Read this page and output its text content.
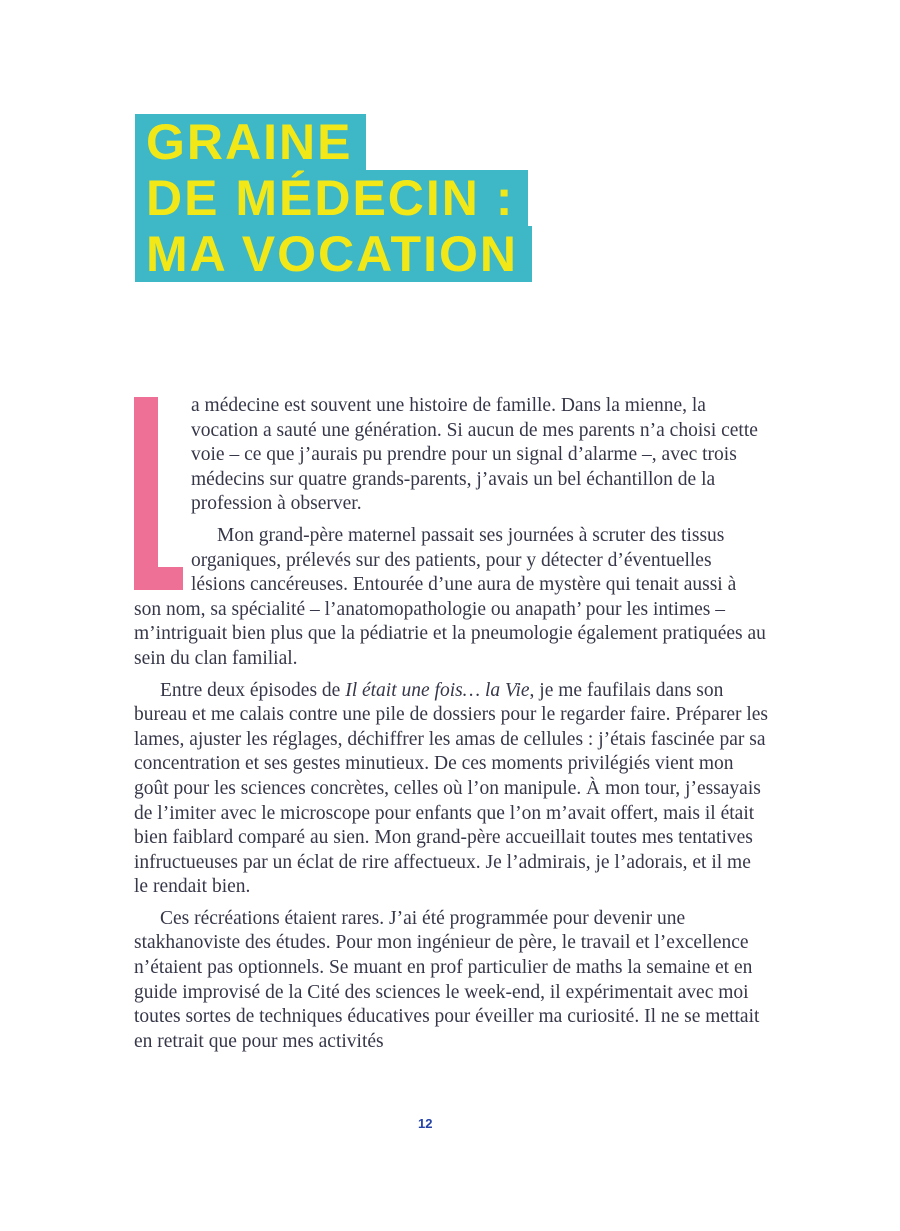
GRAINE
DE MÉDECIN :
MA VOCATION

a médecine est souvent une histoire de famille. Dans la mienne, la vocation a sauté une génération. Si aucun de mes parents n’a choisi cette voie – ce que j’aurais pu prendre pour un signal d’alarme –, avec trois médecins sur quatre grands-parents, j’avais un bel échantillon de la profession à observer.

Mon grand-père maternel passait ses journées à scruter des tissus organiques, prélevés sur des patients, pour y détecter d’éventuelles lésions cancéreuses. Entourée d’une aura de mystère qui tenait aussi à son nom, sa spécialité – l’anatomopathologie ou anapath’ pour les intimes – m’intriguait bien plus que la pédiatrie et la pneumologie également pratiquées au sein du clan familial.

Entre deux épisodes de Il était une fois… la Vie, je me faufilais dans son bureau et me calais contre une pile de dossiers pour le regarder faire. Préparer les lames, ajuster les réglages, déchiffrer les amas de cellules : j’étais fascinée par sa concentration et ses gestes minutieux. De ces moments privilégiés vient mon goût pour les sciences concrètes, celles où l’on manipule. À mon tour, j’essayais de l’imiter avec le microscope pour enfants que l’on m’avait offert, mais il était bien faiblard comparé au sien. Mon grand-père accueillait toutes mes tentatives infructueuses par un éclat de rire affectueux. Je l’admirais, je l’adorais, et il me le rendait bien.

Ces récréations étaient rares. J’ai été programmée pour devenir une stakhanoviste des études. Pour mon ingénieur de père, le travail et l’excellence n’étaient pas optionnels. Se muant en prof particulier de maths la semaine et en guide improvisé de la Cité des sciences le week-end, il expérimentait avec moi toutes sortes de techniques éducatives pour éveiller ma curiosité. Il ne se mettait en retrait que pour mes activités

12
